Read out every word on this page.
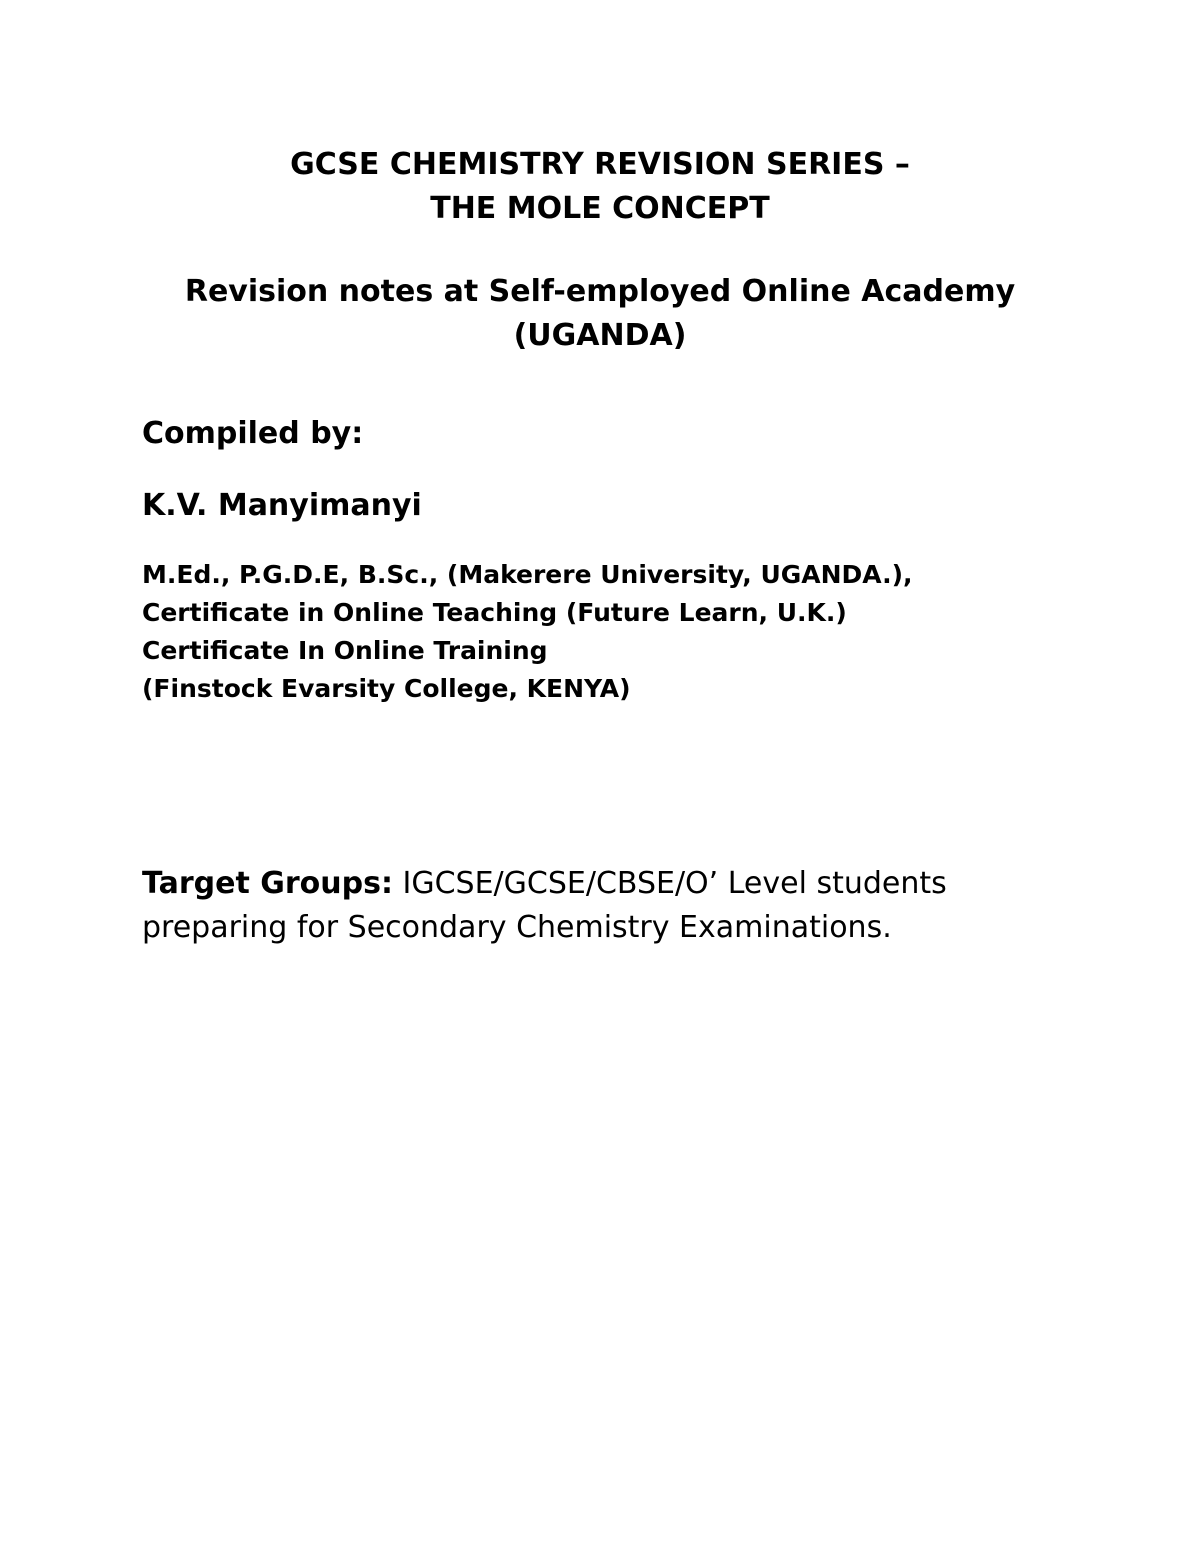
GCSE CHEMISTRY REVISION SERIES –
THE MOLE CONCEPT
Revision notes at Self-employed Online Academy
(UGANDA)
Compiled by:
K.V. Manyimanyi
M.Ed., P.G.D.E, B.Sc., (Makerere University, UGANDA.),
Certificate in Online Teaching (Future Learn, U.K.)
Certificate In Online Training
(Finstock Evarsity College, KENYA)
Target Groups: IGCSE/GCSE/CBSE/O’ Level students
preparing for Secondary Chemistry Examinations.
